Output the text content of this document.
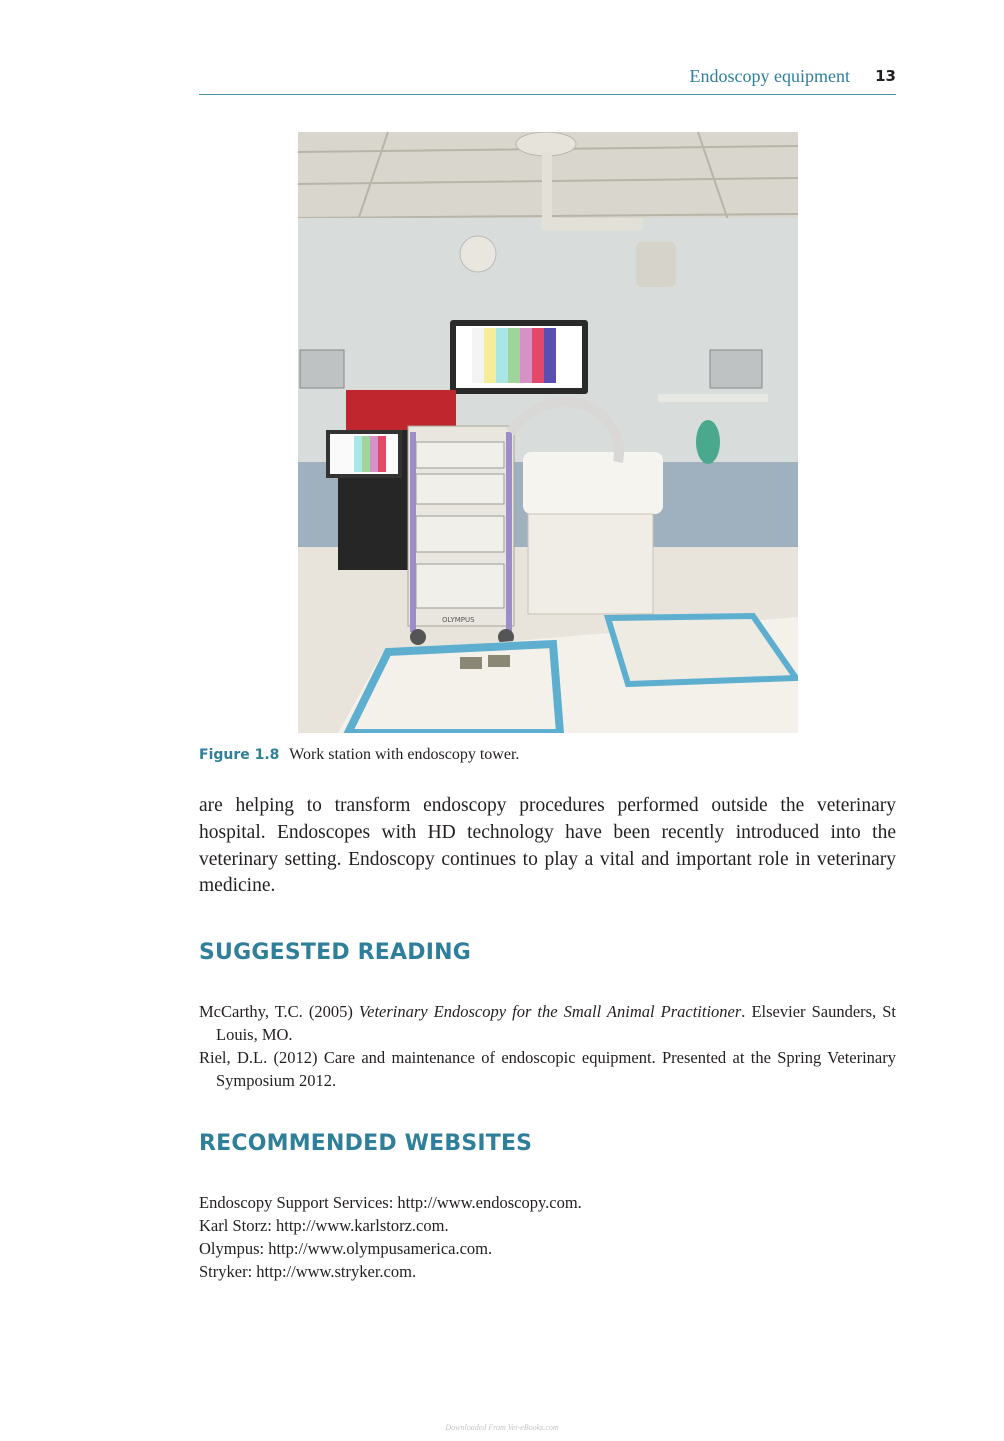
Endoscopy equipment 13
OLYMPUS
Figure 1.8 Work station with endoscopy tower.

are helping to transform endoscopy procedures performed outside the veterinary hospital. Endoscopes with HD technology have been recently introduced into the veterinary setting. Endoscopy continues to play a vital and important role in veterinary medicine.

SUGGESTED READING
McCarthy, T.C. (2005) Veterinary Endoscopy for the Small Animal Practitioner. Elsevier Saunders, St Louis, MO.
Riel, D.L. (2012) Care and maintenance of endoscopic equipment. Presented at the Spring Veterinary Symposium 2012.
RECOMMENDED WEBSITES
Endoscopy Support Services: http://www.endoscopy.com.
Karl Storz: http://www.karlstorz.com.
Olympus: http://www.olympusamerica.com.
Stryker: http://www.stryker.com.
Downloaded From Vet-eBooks.com
